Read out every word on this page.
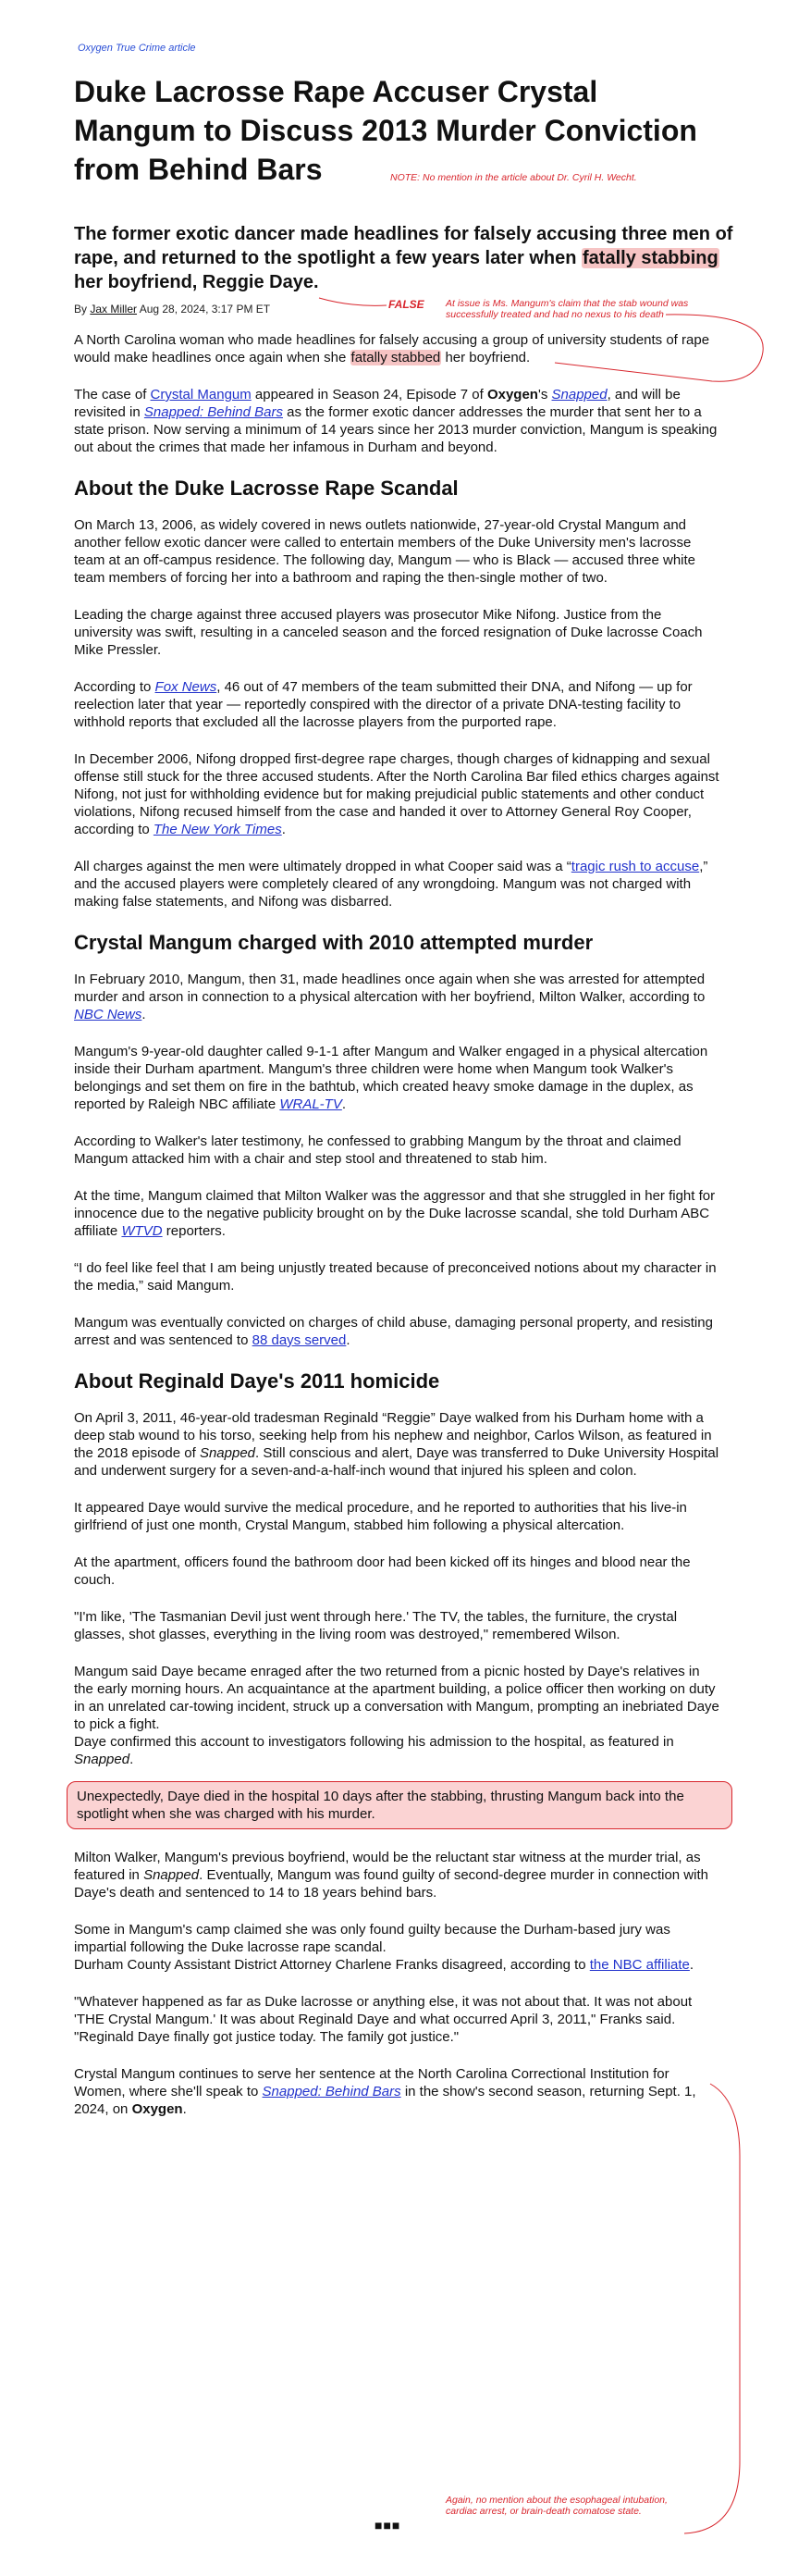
Oxygen True Crime article
Duke Lacrosse Rape Accuser Crystal Mangum to Discuss 2013 Murder Conviction from Behind Bars	NOTE: No mention in the article about Dr. Cyril H. Wecht.
The former exotic dancer made headlines for falsely accusing three men of rape, and returned to the spotlight a few years later when fatally stabbing her boyfriend, Reggie Daye.
By Jax Miller Aug 28, 2024, 3:17 PM ET	FALSE At issue is Ms. Mangum's claim that the stab wound was successfully treated and had no nexus to his death

A North Carolina woman who made headlines for falsely accusing a group of university students of rape would make headlines once again when she fatally stabbed her boyfriend.

The case of Crystal Mangum appeared in Season 24, Episode 7 of Oxygen's Snapped, and will be revisited in Snapped: Behind Bars as the former exotic dancer addresses the murder that sent her to a state prison. Now serving a minimum of 14 years since her 2013 murder conviction, Mangum is speaking out about the crimes that made her infamous in Durham and beyond.

About the Duke Lacrosse Rape Scandal

On March 13, 2006, as widely covered in news outlets nationwide, 27-year-old Crystal Mangum and another fellow exotic dancer were called to entertain members of the Duke University men's lacrosse team at an off-campus residence. The following day, Mangum — who is Black — accused three white team members of forcing her into a bathroom and raping the then-single mother of two.

Leading the charge against three accused players was prosecutor Mike Nifong. Justice from the university was swift, resulting in a canceled season and the forced resignation of Duke lacrosse Coach Mike Pressler.

According to Fox News, 46 out of 47 members of the team submitted their DNA, and Nifong — up for reelection later that year — reportedly conspired with the director of a private DNA-testing facility to withhold reports that excluded all the lacrosse players from the purported rape.

In December 2006, Nifong dropped first-degree rape charges, though charges of kidnapping and sexual offense still stuck for the three accused students. After the North Carolina Bar filed ethics charges against Nifong, not just for withholding evidence but for making prejudicial public statements and other conduct violations, Nifong recused himself from the case and handed it over to Attorney General Roy Cooper, according to The New York Times.

All charges against the men were ultimately dropped in what Cooper said was a “tragic rush to accuse,” and the accused players were completely cleared of any wrongdoing. Mangum was not charged with making false statements, and Nifong was disbarred.

Crystal Mangum charged with 2010 attempted murder

In February 2010, Mangum, then 31, made headlines once again when she was arrested for attempted murder and arson in connection to a physical altercation with her boyfriend, Milton Walker, according to NBC News.

Mangum's 9-year-old daughter called 9-1-1 after Mangum and Walker engaged in a physical altercation inside their Durham apartment. Mangum's three children were home when Mangum took Walker's belongings and set them on fire in the bathtub, which created heavy smoke damage in the duplex, as reported by Raleigh NBC affiliate WRAL-TV.

According to Walker's later testimony, he confessed to grabbing Mangum by the throat and claimed Mangum attacked him with a chair and step stool and threatened to stab him.

At the time, Mangum claimed that Milton Walker was the aggressor and that she struggled in her fight for innocence due to the negative publicity brought on by the Duke lacrosse scandal, she told Durham ABC affiliate WTVD reporters.

“I do feel like feel that I am being unjustly treated because of preconceived notions about my character in the media,” said Mangum.

Mangum was eventually convicted on charges of child abuse, damaging personal property, and resisting arrest and was sentenced to 88 days served.

About Reginald Daye's 2011 homicide

On April 3, 2011, 46-year-old tradesman Reginald “Reggie” Daye walked from his Durham home with a deep stab wound to his torso, seeking help from his nephew and neighbor, Carlos Wilson, as featured in the 2018 episode of Snapped. Still conscious and alert, Daye was transferred to Duke University Hospital and underwent surgery for a seven-and-a-half-inch wound that injured his spleen and colon.

It appeared Daye would survive the medical procedure, and he reported to authorities that his live-in girlfriend of just one month, Crystal Mangum, stabbed him following a physical altercation.

At the apartment, officers found the bathroom door had been kicked off its hinges and blood near the couch.

"I'm like, 'The Tasmanian Devil just went through here.' The TV, the tables, the furniture, the crystal glasses, shot glasses, everything in the living room was destroyed," remembered Wilson.

Mangum said Daye became enraged after the two returned from a picnic hosted by Daye's relatives in the early morning hours. An acquaintance at the apartment building, a police officer then working on duty in an unrelated car-towing incident, struck up a conversation with Mangum, prompting an inebriated Daye to pick a fight.
Daye confirmed this account to investigators following his admission to the hospital, as featured in Snapped.

Unexpectedly, Daye died in the hospital 10 days after the stabbing, thrusting Mangum back into the spotlight when she was charged with his murder.

Milton Walker, Mangum's previous boyfriend, would be the reluctant star witness at the murder trial, as featured in Snapped. Eventually, Mangum was found guilty of second-degree murder in connection with Daye's death and sentenced to 14 to 18 years behind bars.

Some in Mangum's camp claimed she was only found guilty because the Durham-based jury was impartial following the Duke lacrosse rape scandal.
Durham County Assistant District Attorney Charlene Franks disagreed, according to the NBC affiliate.

"Whatever happened as far as Duke lacrosse or anything else, it was not about that. It was not about 'THE Crystal Mangum.' It was about Reginald Daye and what occurred April 3, 2011," Franks said. "Reginald Daye finally got justice today. The family got justice."

Crystal Mangum continues to serve her sentence at the North Carolina Correctional Institution for Women, where she'll speak to Snapped: Behind Bars in the show's second season, returning Sept. 1, 2024, on Oxygen.

■■■
Again, no mention about the esophageal intubation, cardiac arrest, or brain-death comatose state.
